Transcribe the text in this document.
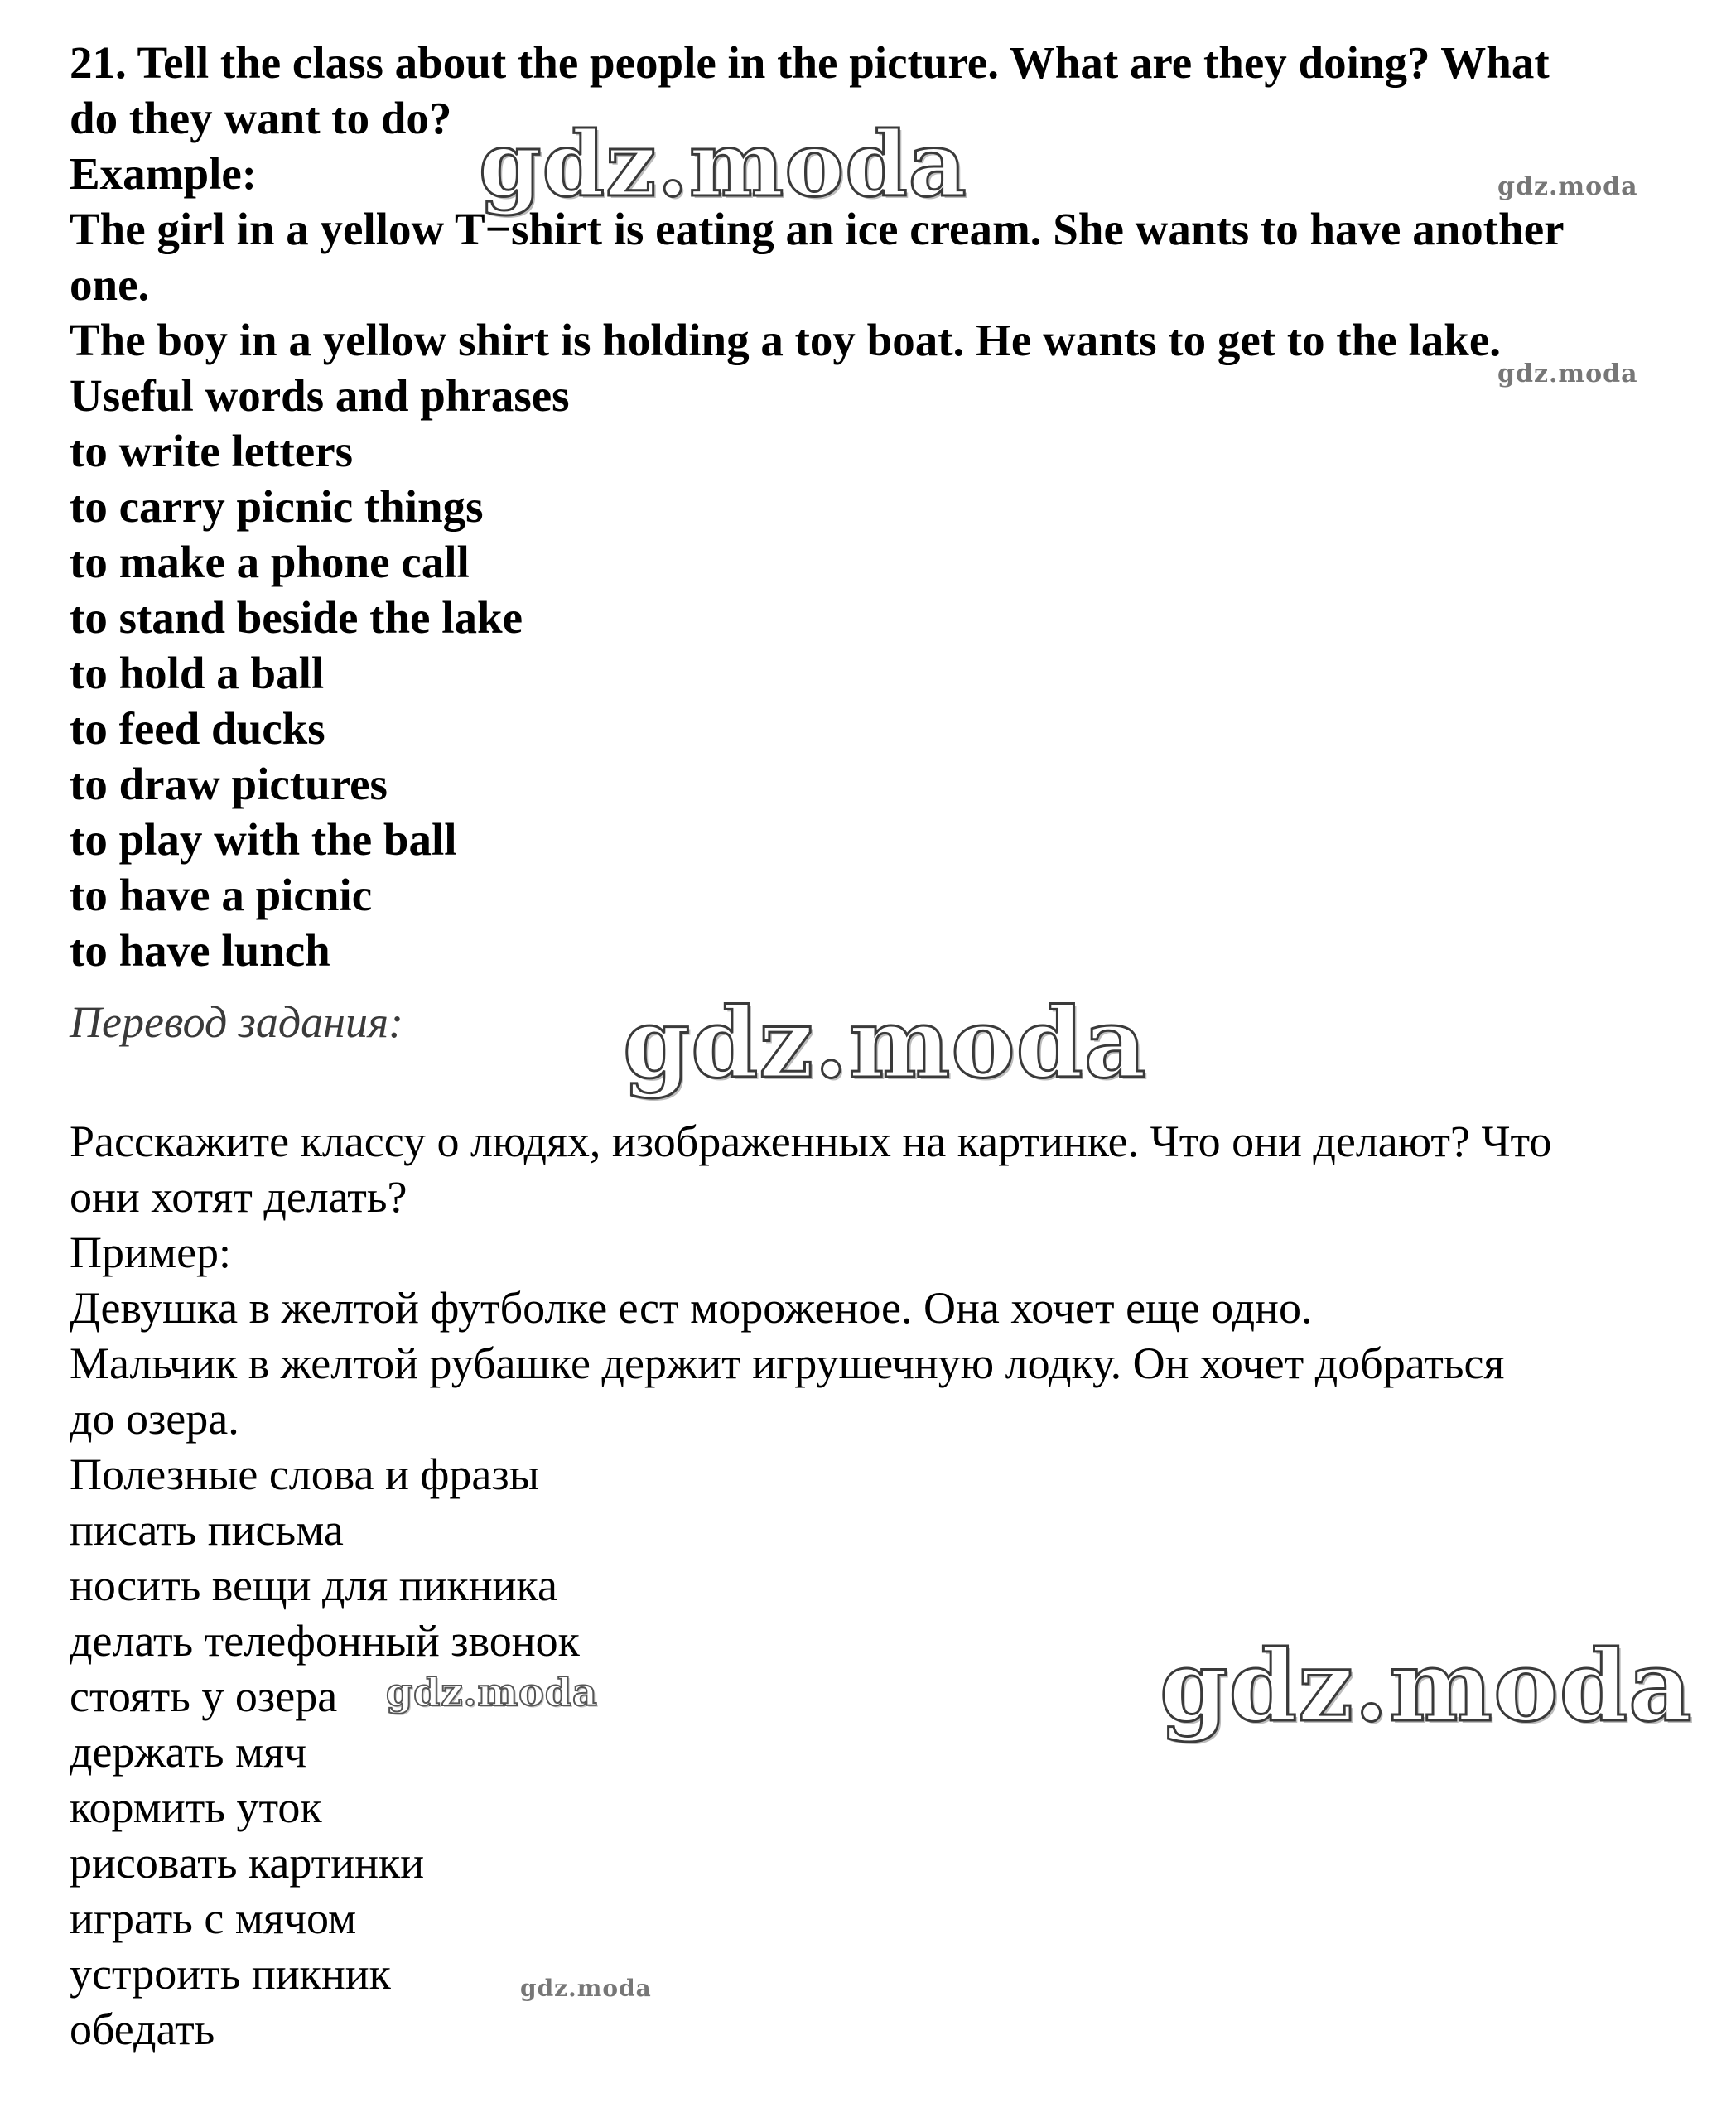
21. Tell the class about the people in the picture. What are they doing? What
do they want to do?
Example:
The girl in a yellow T−shirt is eating an ice cream. She wants to have another
one.
The boy in a yellow shirt is holding a toy boat. He wants to get to the lake.
Useful words and phrases
to write letters
to carry picnic things
to make a phone call
to stand beside the lake
to hold a ball
to feed ducks
to draw pictures
to play with the ball
to have a picnic
to have lunch
Перевод задания:
Расскажите классу о людях, изображенных на картинке. Что они делают? Что
они хотят делать?
Пример:
Девушка в желтой футболке ест мороженое. Она хочет еще одно.
Мальчик в желтой рубашке держит игрушечную лодку. Он хочет добраться
до озера.
Полезные слова и фразы
писать письма
носить вещи для пикника
делать телефонный звонок
стоять у озера
держать мяч
кормить уток
рисовать картинки
играть с мячом
устроить пикник
обедать
gdz.moda	gdz.moda
gdz.moda
gdz.moda
gdz.moda
gdz.moda
gdz.moda
